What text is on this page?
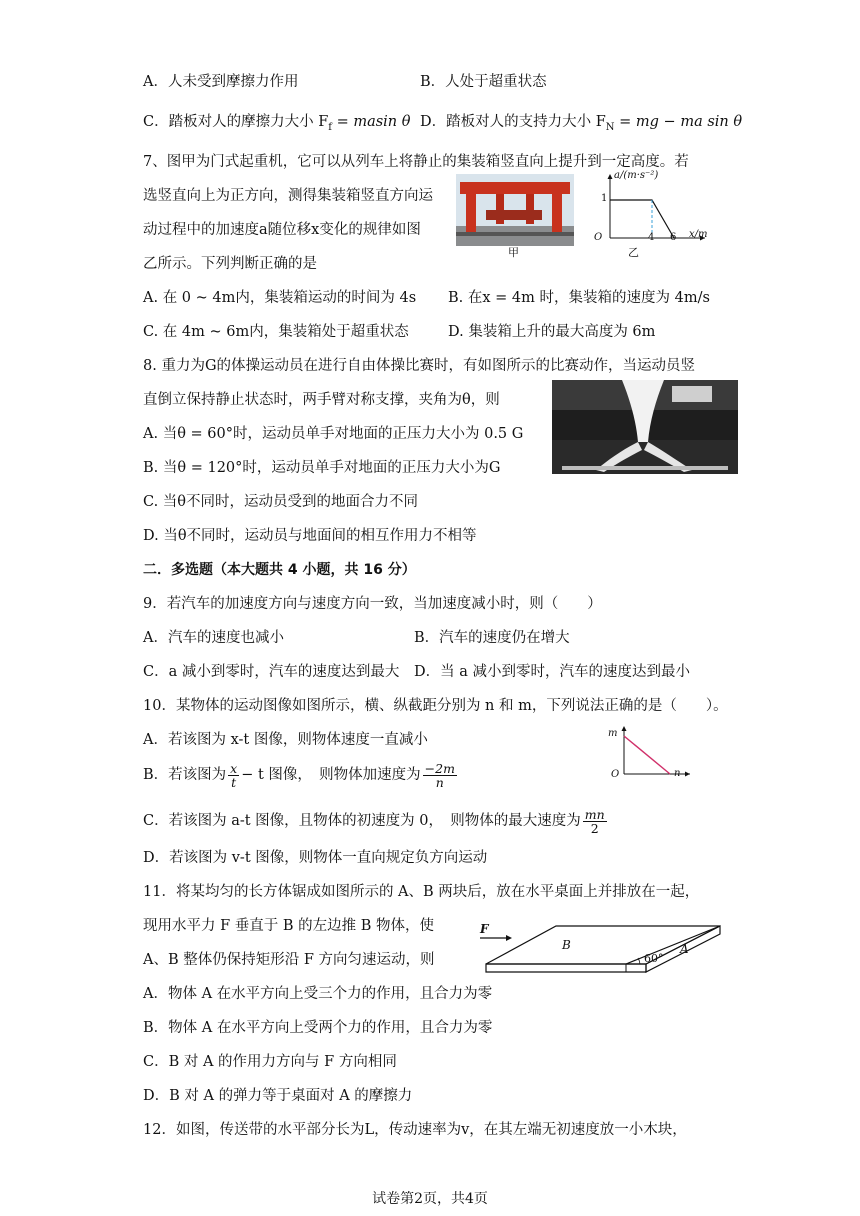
A．人未受到摩擦力作用	B．人处于超重状态
C．踏板对人的摩擦力大小 $F_f = masin$ θ D．踏板对人的支持力大小 $F_N$ = mg − ma sin θ
7、图甲为门式起重机，它可以从列车上将静止的集装箱竖直向上提升到一定高度。若
选竖直向上为正方向，测得集装箱竖直方向运
动过程中的加速度a随位移x变化的规律如图
乙所示。下列判断正确的是
甲
a/(m·s⁻²)
x/m
1
O	4 6
乙
A. 在 0 ~ 4m内，集装箱运动的时间为 4s B. 在x = 4m 时，集装箱的速度为 4m/s
C. 在 4m ~ 6m内，集装箱处于超重状态	D. 集装箱上升的最大高度为 6m
8. 重力为G的体操运动员在进行自由体操比赛时，有如图所示的比赛动作，当运动员竖
直倒立保持静止状态时，两手臂对称支撑，夹角为θ，则
A. 当θ = 60°时，运动员单手对地面的正压力大小为 0.5 G
B. 当θ = 120°时，运动员单手对地面的正压力大小为G
C. 当θ不同时，运动员受到的地面合力不同
D. 当θ不同时，运动员与地面间的相互作用力不相等
二．多选题（本大题共 4 小题，共 16 分）
9．若汽车的加速度方向与速度方向一致，当加速度减小时，则（　　）
A．汽车的速度也减小	B．汽车的速度仍在增大
C．a 减小到零时，汽车的速度达到最大 D．当 a 减小到零时，汽车的速度达到最小
10．某物体的运动图像如图所示，横、纵截距分别为 n 和 m，下列说法正确的是（　　）。
A．若该图为 x-t 图像，则物体速度一直减小
B．若该图为 $\frac{x}{t} - t$ 图像，　则物体加速度为 $\frac{-2m}{n}$
C．若该图为 a-t 图像，且物体的初速度为 0，　则物体的最大速度为 $\frac{mn}{2}$
D．若该图为 v-t 图像，则物体一直向规定负方向运动
m
O	n
11．将某均匀的长方体锯成如图所示的 A、B 两块后，放在水平桌面上并排放在一起，
现用水平力 F 垂直于 B 的左边推 B 物体，使
A、B 整体仍保持矩形沿 F 方向匀速运动，则
A．物体 A 在水平方向上受三个力的作用，且合力为零
B．物体 A 在水平方向上受两个力的作用，且合力为零
C．B 对 A 的作用力方向与 F 方向相同
D．B 对 A 的弹力等于桌面对 A 的摩擦力
F
B	A
60°
12．如图，传送带的水平部分长为L，传动速率为v，在其左端无初速度放一小木块，
试卷第2页，共4页
